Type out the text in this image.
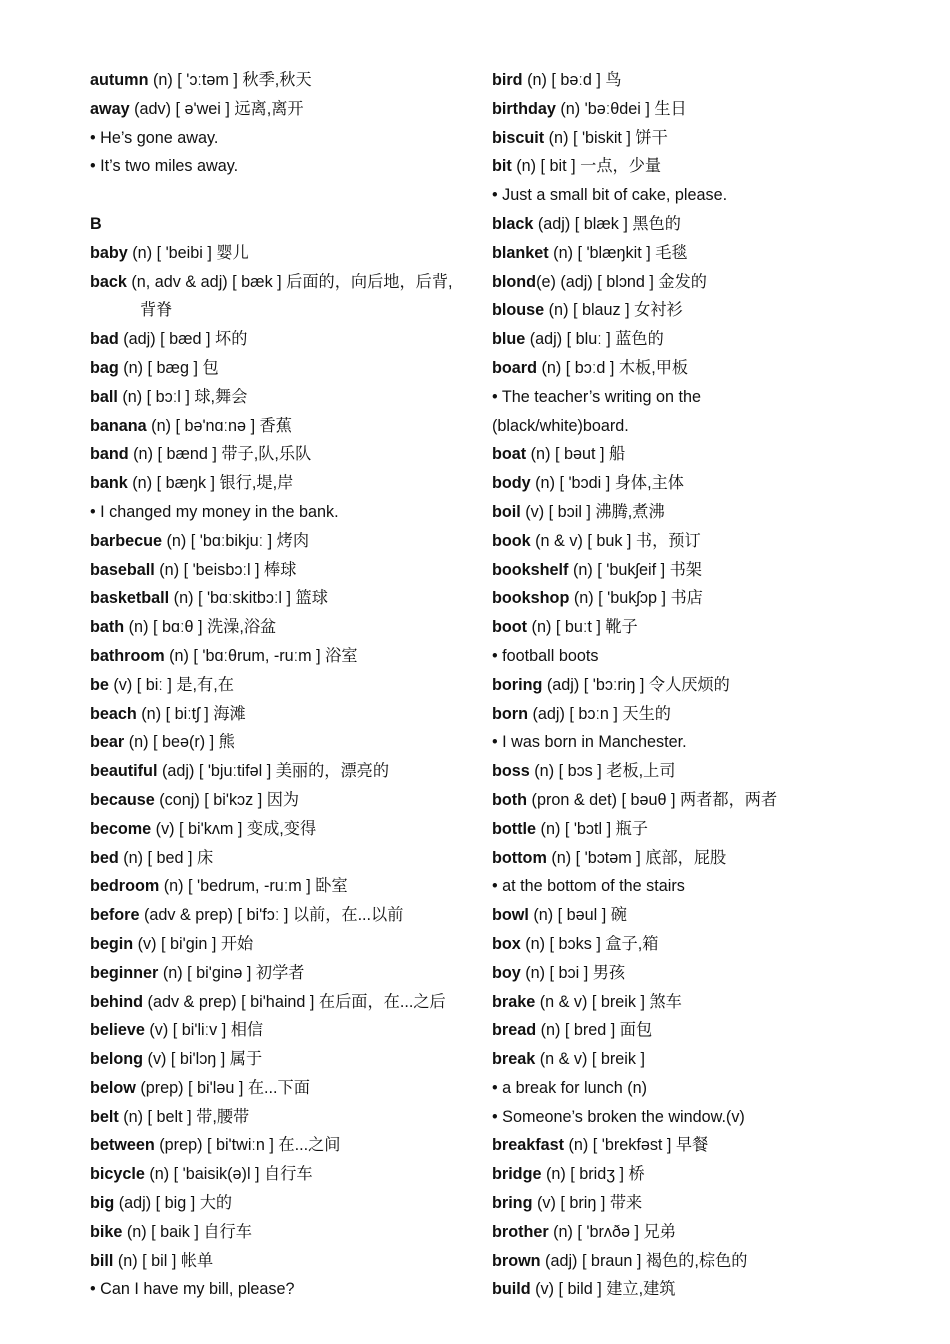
autumn (n) [ 'ɔːtəm ] 秋季,秋天
away (adv) [ ə'wei ] 远离,离开
• He’s gone away.
• It’s two miles away.
B
baby (n) [ 'beibi ] 婴儿
back (n, adv & adj) [ bæk ] 后面的，向后地，后背,
背脊
bad (adj) [ bæd ] 坏的
bag (n) [ bæg ] 包
ball (n) [ bɔːl ] 球,舞会
banana (n) [ bə'nɑːnə ] 香蕉
band (n) [ bænd ] 带子,队,乐队
bank (n) [ bæŋk ] 银行,堤,岸
• I changed my money in the bank.
barbecue (n) [ 'bɑːbikjuː ] 烤肉
baseball (n) [ 'beisbɔːl ] 棒球
basketball (n) [ 'bɑːskitbɔːl ] 篮球
bath (n) [ bɑːθ ] 洗澡,浴盆
bathroom (n) [ 'bɑːθrum, -ruːm ] 浴室
be (v) [ biː ] 是,有,在
beach (n) [ biːtʃ ] 海滩
bear (n) [ beə(r) ] 熊
beautiful (adj) [ 'bjuːtifəl ] 美丽的，漂亮的
because (conj) [ bi'kɔz ] 因为
become (v) [ bi'kʌm ] 变成,变得
bed (n) [ bed ] 床
bedroom (n) [ 'bedrum, -ruːm ] 卧室
before (adv & prep) [ bi'fɔː ] 以前，在...以前
begin (v) [ bi'gin ] 开始
beginner (n) [ bi'ginə ] 初学者
behind (adv & prep) [ bi'haind ] 在后面，在...之后
believe (v) [ bi'liːv ] 相信
belong (v) [ bi'lɔŋ ] 属于
below (prep) [ bi'ləu ] 在...下面
belt (n) [ belt ] 带,腰带
between (prep) [ bi'twiːn ] 在...之间
bicycle (n) [ 'baisik(ə)l ] 自行车
big (adj) [ big ] 大的
bike (n) [ baik ] 自行车
bill (n) [ bil ] 帐单
• Can I have my bill, please?
bird (n) [ bəːd ] 鸟
birthday (n) 'bəːθdei ] 生日
biscuit (n) [ 'biskit ] 饼干
bit (n) [ bit ] 一点，少量
• Just a small bit of cake, please.
black (adj) [ blæk ] 黑色的
blanket (n) [ 'blæŋkit ] 毛毯
blond(e) (adj) [ blɔnd ] 金发的
blouse (n) [ blauz ] 女衬衫
blue (adj) [ bluː ] 蓝色的
board (n) [ bɔːd ] 木板,甲板
• The teacher’s writing on the
(black/white)board.
boat (n) [ bəut ] 船
body (n) [ 'bɔdi ] 身体,主体
boil (v) [ bɔil ] 沸腾,煮沸
book (n & v) [ buk ] 书，预订
bookshelf (n) [ 'bukʃeif ] 书架
bookshop (n) [ 'bukʃɔp ] 书店
boot (n) [ buːt ] 靴子
• football boots
boring (adj) [ 'bɔːriŋ ] 令人厌烦的
born (adj) [ bɔːn ] 天生的
• I was born in Manchester.
boss (n) [ bɔs ] 老板,上司
both (pron & det) [ bəuθ ] 两者都，两者
bottle (n) [ 'bɔtl ] 瓶子
bottom (n) [ 'bɔtəm ] 底部，屁股
• at the bottom of the stairs
bowl (n) [ bəul ] 碗
box (n) [ bɔks ] 盒子,箱
boy (n) [ bɔi ] 男孩
brake (n & v) [ breik ] 煞车
bread (n) [ bred ] 面包
break (n & v) [ breik ]
• a break for lunch (n)
• Someone’s broken the window.(v)
breakfast (n) [ 'brekfəst ] 早餐
bridge (n) [ bridʒ ] 桥
bring (v) [ briŋ ] 带来
brother (n) [ 'brʌðə ] 兄弟
brown (adj) [ braun ] 褐色的,棕色的
build (v) [ bild ] 建立,建筑
